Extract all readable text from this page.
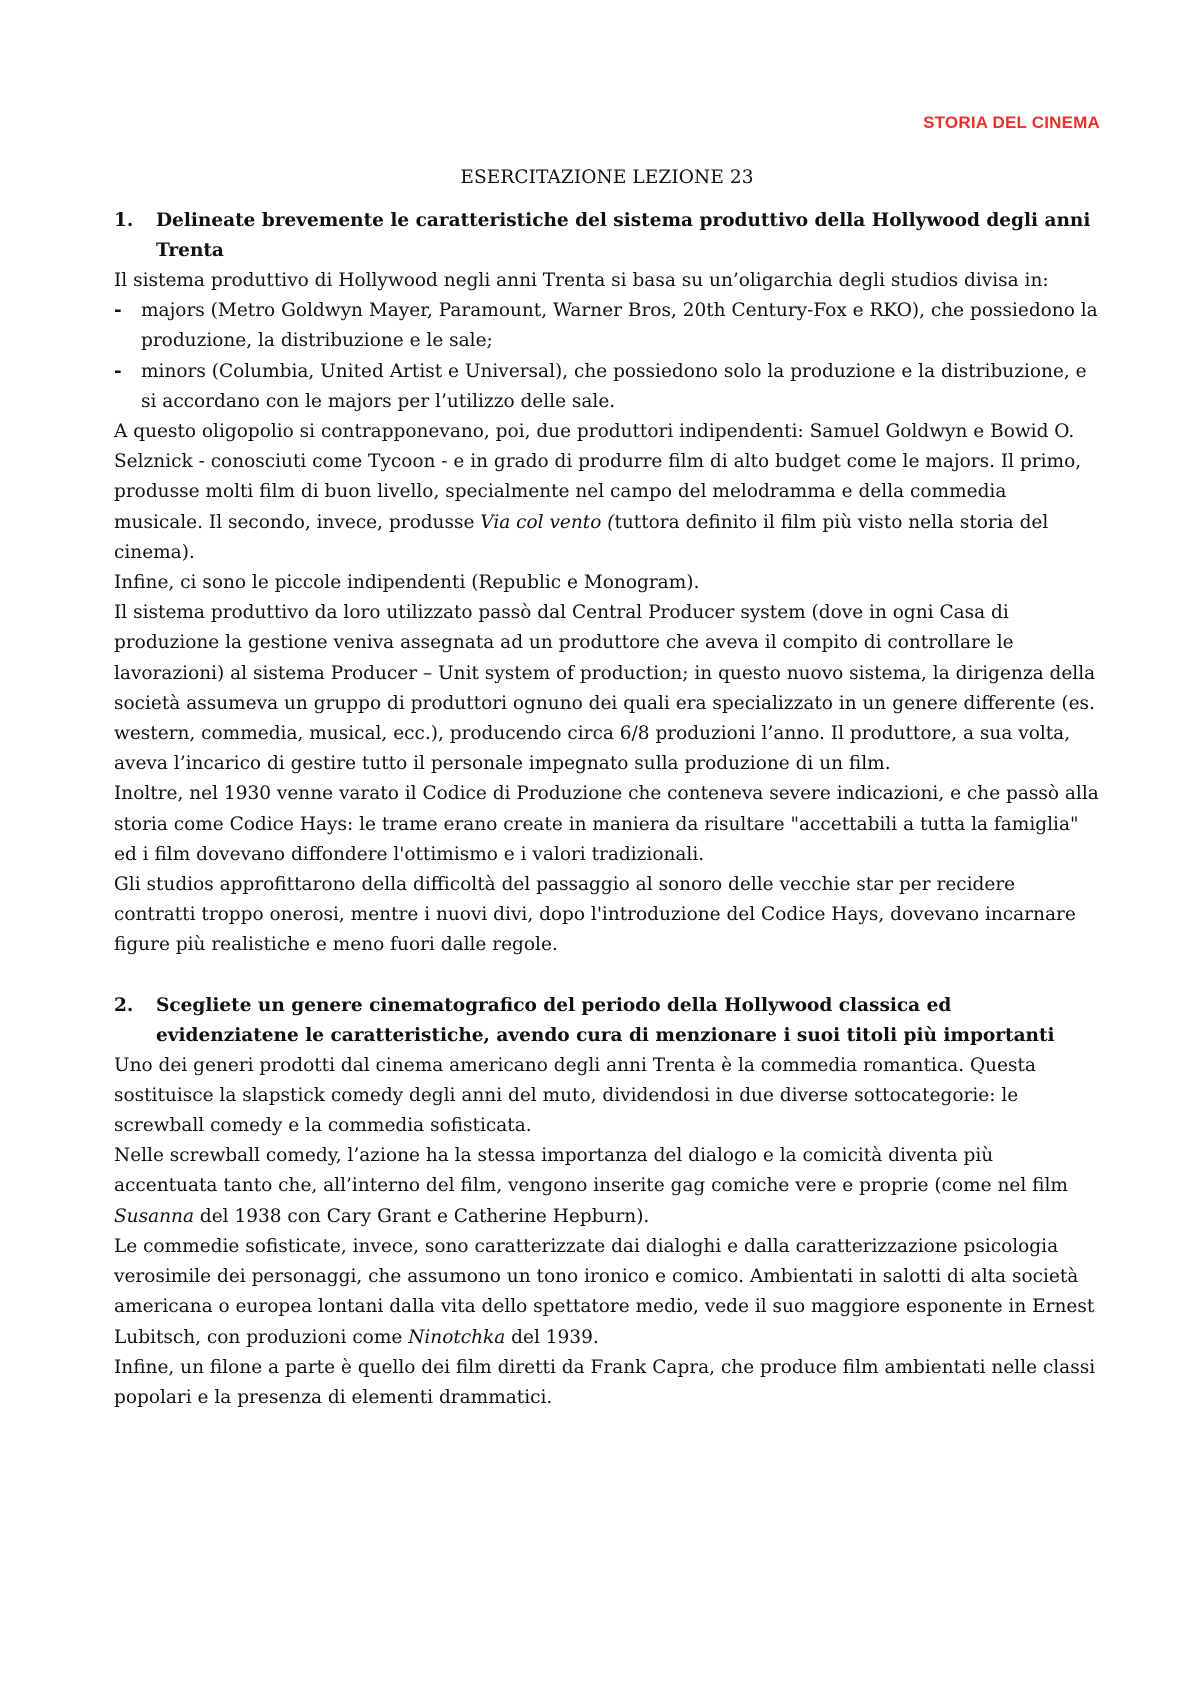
STORIA DEL CINEMA
ESERCITAZIONE LEZIONE 23
1.	Delineate brevemente le caratteristiche del sistema produttivo della Hollywood degli anni Trenta

Il sistema produttivo di Hollywood negli anni Trenta si basa su un’oligarchia degli studios divisa in:

-	majors (Metro Goldwyn Mayer, Paramount, Warner Bros, 20th Century-Fox e RKO), che possiedono la produzione, la distribuzione e le sale;
-	minors (Columbia, United Artist e Universal), che possiedono solo la produzione e la distribuzione, e si accordano con le majors per l’utilizzo delle sale.

A questo oligopolio si contrapponevano, poi, due produttori indipendenti: Samuel Goldwyn e Bowid O. Selznick - conosciuti come Tycoon - e in grado di produrre film di alto budget come le majors. Il primo, produsse molti film di buon livello, specialmente nel campo del melodramma e della commedia musicale. Il secondo, invece, produsse Via col vento (tuttora definito il film più visto nella storia del cinema).

Infine, ci sono le piccole indipendenti (Republic e Monogram).

Il sistema produttivo da loro utilizzato passò dal Central Producer system (dove in ogni Casa di produzione la gestione veniva assegnata ad un produttore che aveva il compito di controllare le lavorazioni) al sistema Producer – Unit system of production; in questo nuovo sistema, la dirigenza della società assumeva un gruppo di produttori ognuno dei quali era specializzato in un genere differente (es. western, commedia, musical, ecc.), producendo circa 6/8 produzioni l’anno. Il produttore, a sua volta, aveva l’incarico di gestire tutto il personale impegnato sulla produzione di un film.

Inoltre, nel 1930 venne varato il Codice di Produzione che conteneva severe indicazioni, e che passò alla storia come Codice Hays: le trame erano create in maniera da risultare "accettabili a tutta la famiglia" ed i film dovevano diffondere l'ottimismo e i valori tradizionali.

Gli studios approfittarono della difficoltà del passaggio al sonoro delle vecchie star per recidere contratti troppo onerosi, mentre i nuovi divi, dopo l'introduzione del Codice Hays, dovevano incarnare figure più realistiche e meno fuori dalle regole.

2.	Scegliete un genere cinematografico del periodo della Hollywood classica ed evidenziatene le caratteristiche, avendo cura di menzionare i suoi titoli più importanti

Uno dei generi prodotti dal cinema americano degli anni Trenta è la commedia romantica. Questa sostituisce la slapstick comedy degli anni del muto, dividendosi in due diverse sottocategorie: le screwball comedy e la commedia sofisticata.

Nelle screwball comedy, l’azione ha la stessa importanza del dialogo e la comicità diventa più accentuata tanto che, all’interno del film, vengono inserite gag comiche vere e proprie (come nel film Susanna del 1938 con Cary Grant e Catherine Hepburn).

Le commedie sofisticate, invece, sono caratterizzate dai dialoghi e dalla caratterizzazione psicologia verosimile dei personaggi, che assumono un tono ironico e comico. Ambientati in salotti di alta società americana o europea lontani dalla vita dello spettatore medio, vede il suo maggiore esponente in Ernest Lubitsch, con produzioni come Ninotchka del 1939.

Infine, un filone a parte è quello dei film diretti da Frank Capra, che produce film ambientati nelle classi popolari e la presenza di elementi drammatici.
